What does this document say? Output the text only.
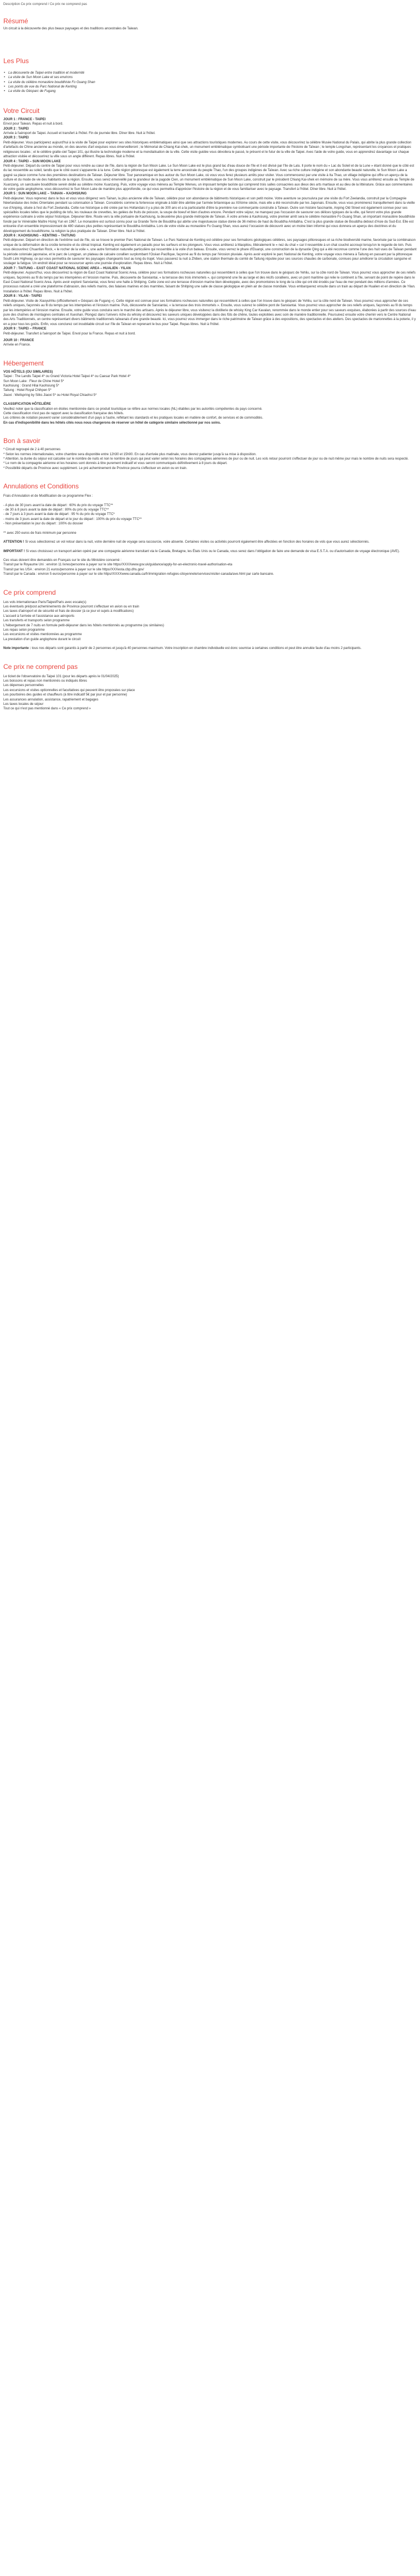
Description Ce prix comprend / Ce prix ne comprend pas
Résumé
Un circuit à la découverte des plus beaux paysages et des traditions ancestrales de Taiwan.
Les Plus
• La découverte de Taipei entre tradition et modernité
• La visite de Sun Moon Lake et ses environs
• La visite du célèbre monastère bouddhiste Fo Guang Shan
• Les points de vue du Parc National de Kenting
• La visite du Géoparc de Fugang
Votre Circuit
JOUR 1 : FRANCE - TAIPEI
Envol pour Taiwan. Repas et nuit à bord.
JOUR 2 : TAIPEI
Arrivée à l'aéroport de Taipei. Accueil et transfert à l'hôtel. Fin de journée libre. Dîner libre. Nuit à l'hôtel.
JOUR 3 : TAIPEI
Petit-déjeuner. Vous participerez aujourd'hui à la visite de Taipei pour explorer ses sites historiques emblématiques ainsi que ses attractions touristiques modernes. Au cours de cette visite, vous découvrirez la célèbre Musée National du Palais, qui abrite la plus grande collection d'artefacts de Chine ancienne au monde, on des œuvres d'art exquises vous émerveilleront ; le Mémorial de Chiang Kai-shek, un monument emblématique symbolisant une période importante de l'histoire de Taïwan ; le temple Longshan, représentant les croyances et pratiques religieuses locales ; et le célèbre gratte-ciel Taipei 101, qui illustre la technologie moderne et la mondialisation de la ville. Cette visite guidée vous dévoilera le passé, le présent et le futur de la ville de Taipei. Avec l'aide de votre guide, vous en apprendrez davantage sur chaque attraction visitée et découvrirez la ville sous un angle différent. Repas libres. Nuit à l'hôtel.
JOUR 4 : TAIPEI – SUN MOON LAKE
Petit-déjeuner. Départ du centre de Taipei pour vous rendre au cœur de l'île, dans la région de Sun Moon Lake. Le Sun Moon Lake est le plus grand lac d'eau douce de l'île et il est divisé par l'île de Lalu. Il porte le nom du « Lac du Soleil et de la Lune » étant donné que le côté est du lac ressemble au soleil, tandis que le côté ouest s'apparente à la lune. Cette région pittoresque est également la terre ancestrale du peuple Thao, l'un des groupes indigènes de Taïwan. Avec sa riche culture indigène et son abondante beauté naturelle, le Sun Moon Lake a gagné sa place comme l'une des premières destinations de Taïwan. Déjeuner libre. Tour panoramique en bus autour du Sun Moon Lake, où vous vous ferez plusieurs arrêts pour visiter. Vous commencerez par une visite à Ita Thao, un village indigène qui offre un aperçu de la culture et du mode de vie des habitants de la région. Ensuite, vous serez émerveillé par la grandeur de la pagode Cien, un monument emblématique de Sun Moon Lake, construit par le président Chiang Kai-shek en mémoire de sa mère. Vous vous arrêterez ensuite au Temple de Xuanzang, un sanctuaire bouddhiste serein dédié au célèbre moine Xuanzang. Puis, votre voyage vous mènera au Temple Wenwu, un imposant temple taoïste qui comprend trois salles consacrées aux dieux des arts martiaux et au dieu de la littérature. Grâce aux commentaires de votre guide anglophone, vous découvrirez le Sun Moon Lake de manière plus approfondie, ce qui vous permettra d'apprécier l'histoire de la région et de vous familiariser avec le paysage. Transfert à l'hôtel. Dîner libre. Nuit à l'hôtel.
JOUR 5 : SUN MOON LAKE – TAINAN – KAOHSIUNG
Petit-déjeuner. Vous reprenez dans le bus et vous vous dirigerez vers Tainan, la plus ancienne ville de Taïwan, célèbre pour son abondance de bâtiments historiques et son petit moine. Votre aventure se poursuivra par une visite du Fort Zeelandia, construit par la Compagnie Néerlandaise des Indes Orientales pendant sa colonisation à Taïwan. Considérés comme la forteresse originale à bâtir être abritée par l'armée britannique au XIXème siècle, mais elle a été reconstruite par les Japonais. Ensuite, vous vous promènerez tranquillement dans la vieille rue d'Anping, située à l'est du Fort Zeelandia. Cette rue historique a été créée par les Hollandais il y a plus de 300 ans et a la particularité d'être la première rue commerçante construite à Taïwan. Outre son histoire fascinante, Anping Old Street est également connue pour ses spécialités locales telles que le pudding de tofu, les rouleaux de crevettes, les gelées de fruits de poisson, la soupe de boeuf et bien d'autres encore. Pendant votre séjour, ne manquez pas l'occasion de savourer ces délices typiques de la ville, qui feront votre plus grande expérience culinaire à votre séjour historique. Déjeuner libre. Route vers la ville portuaire de Kaohsiung, la deuxième plus grande métropole de Taïwan. À votre arrivée à Kaohsiung, votre premier arrêt sera le célèbre monastère Fo Guang Shan, un important monastère bouddhiste fondé par le Vénérable Maître Hsing Yun en 1967. Le monastère est surtout connu pour sa Grande Terre de Bouddha qui abrite une majestueuse statue dorée de 36 mètres de haut du Bouddha Amitabha. C'est la plus grande statue de Bouddha debout d'Asie du Sud-Est. Elle est entourée d'un ensemble impressionnant de 480 statues plus petites représentant le Bouddha Amitabha. Lors de votre visite au monastère Fo Guang Shan, vous aurez l'occasion de découvrir avec un moine bien informé qui vous donnera un aperçu des doctrines et du développement du bouddhisme, la religion la plus pratiquée de Taïwan. Dîner libre. Nuit à l'hôtel.
JOUR 6 : KAOHSIUNG – KENTING – TAITUNG
Petit-déjeuner. Départ en direction de l'extrême sud de l'île, où se trouve le premier Parc National de Taïwan. Le Parc National de Kenting est célèbre pour ses formations géologiques célèbres, ses paysages pittoresques et sa riche biodiversité marine, favorisée par la combinaison unique de la déformation de la croûte terrestre et du climat tropical. Kenting est également un paradis pour les surfeurs et les plongeurs. Vous vous arrêterez à Maopitou, littéralement le « nez du chat » car il ressemble à un chat couché accroupi lorsqu'on le regarde de loin. Puis vous découvrirez Chuanfan Rock, « le rocher de la voile », une autre formation naturelle particulière qui ressemble à la voile d'un bateau. Ensuite, vous verrez le phare d'Eluanpi, une construction de la dynastie Qing qui a été reconnue comme l'une des huit vues de Taïwan pendant la période coloniale japonaise, et le parc de Longpan, un plateau de calcaire corallien surplombant l'Océan Pacifique, façonné au fil du temps par l'érosion pluviale. Après avoir exploré le parc National de Kenting, votre voyage vous mènera à Taitung en passant par la pittoresque South Link Highway, ce qui vous permettra de savourer les paysages changeants tout au long du trajet. Vous passerez la nuit à Zhiben, une station thermale du comté de Taitung réputée pour ses sources chaudes de carbonate, connues pour améliorer la circulation sanguine et soulager la fatigue. Un endroit idéal pour se ressourcer après une journée d'exploration. Repas libres. Nuit à l'hôtel.
JOUR 7 : TAITUNG – EAST COAST NATIONAL SCENIC AREA – HUALIEN - YILAN
Petit-déjeuner. Aujourd'hui, vous découvrirez la région de East Coast National Scenic Area, célèbre pour ses formations rocheuses naturelles qui ressemblent à celles que l'on trouve dans le géoparc de Yehliu, sur la côte nord de Taïwan. Vous pourrez vous approcher de ces reliefs uniques, façonnés au fil du temps par les intempéries et l'érosion marine. Puis, découverte de Sanxiantai, « la terrasse des trois immortels », qui comprend une île au large et des récifs coralliens, avec un pont maritime qui relie le continent à l'île, servant de point de repère dans le East Coast National Scenic Area. Après avoir exploré Sanxiantai, vous ferez une halte à Shitiping. Cette zone est une terrasse d'érosion marine bien développée, avec des promontoires le long de la côte qui ont été érodés par l'eau de mer pendant des millions d'années. Ce processus naturel a créé une plateforme d'abrasion, des reliefs marins, des falaises marines et des marmites, faisant de Shitiping une salle de classe géologique en plein air de classe mondiale. Vous embarquerez ensuite dans un train au départ de Hualien et en direction de Yilan. Installation à l'hôtel. Repas libres. Nuit à l'hôtel.
JOUR 8 : YILAN - TAIPEI
Petit-déjeuner. Visite de Xiaoyuhhiu (officiellement « Géoparc de Fugang »). Cette région est connue pour ses formations rocheuses naturelles qui ressemblent à celles que l'on trouve dans le géoparc de Yehliu, sur la côte nord de Taïwan. Vous pourrez vous approcher de ces reliefs uniques, façonnés au fil du temps par les intempéries et l'érosion marine. Puis, découverte de Sanxiantai, « la terrasse des trois immortels ». Ensuite, vous suivrez le célèbre pont de Sanxiantai. Vous pourrez vous approcher de ces reliefs uniques, façonnés au fil du temps par les intempéries et l'érosion marine. Ensuite, votre guide vous conduira vers le marché des artisans. Après le déjeuner libre, vous visiterez la distillerie de whisky King Car Kavalan, renommée dans le monde entier pour ses saveurs exquises, élaborées à partir des sources d'eau pure des chaînes de montagnes centrales et Xueshan. Plongez dans l'univers riche du whisky et découvrez les saveurs uniques développées dans des fûts de chêne, toutes exploitées avec soin de manière traditionnelle. Poursuivez ensuite votre chemin vers le Centre National des Arts Traditionnels, un centre représentant divers bâtiments traditionnels taïwanais d'une grande beauté. Ici, vous pourrez vous immerger dans le riche patrimoine de Taïwan grâce à des expositions, des spectacles et des ateliers. Des spectacles de marionnettes à la poterie, il y en a pour tous les goûts. Enfin, vous conclurez cet inoubliable circuit sur l'île de Taïwan en reprenant le bus pour Taipei. Repas libres. Nuit à l'hôtel.
JOUR 9 : TAIPEI – FRANCE
Petit-déjeuner. Transfert à l'aéroport de Taipei. Envol pour la France. Repas et nuit à bord.
JOUR 10 : FRANCE
Arrivée en France.
Hébergement
VOS HÔTELS (OU SIMILAIRES)
Taipei : The Landis Taipei 4* ou Grand Victoria Hotel Taipei 4* ou Caesar Park Hotel 4*
Sun Moon Lake : Fleur de Chine Hotel 5*
Kaohsiung : Grand Hilai Kaohsiung 5*
Taitung : Hotel Royal Chihpen 5*
Jiaoxi : Wellspring by Silks Jiaoxi 5* ou Hotel Royal Chiaohsi 5*
CLASSIFICATION HÔTELIÈRE
Veuillez noter que la classification en étoiles mentionnée dans ce produit touristique se réfère aux normes locales (NL) établies par les autorités compétentes du pays concerné.
Cette classification n'est pas de rapport avec la classification française des hôtels.
Les critères de notation peuvent varier considérablement d'un pays à l'autre, reflétant les standards et les pratiques locales en matière de confort, de services et de commodités.
En cas d'indisponibilité dans les hôtels cités nous nous chargerons de réserver un hôtel de catégorie similaire sélectionné par nos soins.
Bon à savoir
* Circuit regroupé de 2 à 40 personnes
* Selon les normes internationales, votre chambre sera disponible entre 12h30 et 15h00. En cas d'arrivée plus matinale, vous devrez patienter jusqu'à sa mise à disposition.
* Attention, la durée du séjour est calculée sur le nombre de nuits et non le nombre de jours qui peut varier selon les horaires des compagnies aériennes de jour ou de nuit. Les vols retour pourront s'effectuer de jour ou de nuit même jour mais le nombre de nuits sera respecté.
* Le nom de la compagnie aérienne et les horaires sont donnés à titre purement indicatif et vous seront communiqués définitivement à 8 jours du départ.
* Possibilité départs de Province avec supplément. Le pré acheminement de Province pourra s'effectuer en avion ou en train.
Annulations et Conditions
Frais d'Annulation et de Modification de ce programme Flex :
- A plus de 30 jours avant la date de départ : 60% du prix du voyage TTC**
- de 30 à 8 jours avant la date de départ : 80% du prix du voyage TTC**
- de 7 jours à 3 jours avant la date de départ : 95 % du prix du voyage TTC*
- moins de 3 jours avant la date de départ et le jour du départ : 100% du prix du voyage TTC**
- Non présentation le jour du départ : 100% du dossier
** avec 250 euros de frais minimum par personne
ATTENTION ! Si vous sélectionnez un vol retour dans la nuit, votre dernière nuit de voyage sera raccourcie, voire absente. Certaines visites ou activités pourront également être affectées en fonction des horaires de vols que vous aurez sélectionnés.
IMPORTANT ! Si vous choisissez un transport aérien opéré par une compagnie aérienne transitant via le Canada, Bretagne, les États Unis ou le Canada, vous serez dans l'obligation de faire une demande de visa E.S.T.A. ou d'autorisation de voyage électronique (AVE).
Ces visas doivent être demandés en Français sur le site du Ministère concerné :
Transit par le Royaume Uni : environ 11 livres/personne à payer sur le site https//XXXXwww.gov.uk/guidance/apply-for-an-electronic-travel-authorisation-eta
Transit par les USA : environ 21 euros/personne à payer sur le site https//XXXesta.cbp.dhs.gov/
Transit par le Canada : environ 5 euros/personne à payer sur le site https//XXXXwww.canada.ca/fr/immigration-refugies-citoyennete/services/visiter-canada/ave.html par carte bancaire.
Ce prix comprend
Les vols internationaux Paris/Taipei/Paris avec escale(s)
Les éventuels pré/post acheminements de Province pourront s'effectuer en avion ou en train
Les taxes d'aéroport et de sécurité et frais de dossier (à ce jour et sujets à modifications)
L'accueil à l'arrivée et l'assistance aux aéroports
Les transferts et transports selon programme
L'hébergement de 7 nuits en formule petit-déjeuner dans les hôtels mentionnés au programme (ou similaires)
Les repas selon programme
Les excursions et visites mentionnées au programme
La prestation d'un guide anglophone durant le circuit
Note importante : tous nos départs sont garantis à partir de 2 personnes et jusqu'à 40 personnes maximum. Votre inscription en chambre individuelle est donc soumise à certaines conditions et peut être annulée faute d'au moins 2 participants.
Ce prix ne comprend pas
Le ticket de l'observatoire du Taipei 101 (pour les départs après le 01/04/2025)
Les boissons et repas non mentionnés ou indiqués libres
Les dépenses personnelles
Les excursions et visites optionnelles et facultatives qui peuvent être proposées sur place
Les pourboires des guides et chauffeurs (à titre indicatif 5€ par jour et par personne)
Les assurances annulation, assistance, rapatriement et bagages
Les taxes locales de séjour
Tout ce qui n'est pas mentionné dans « Ce prix comprend »
